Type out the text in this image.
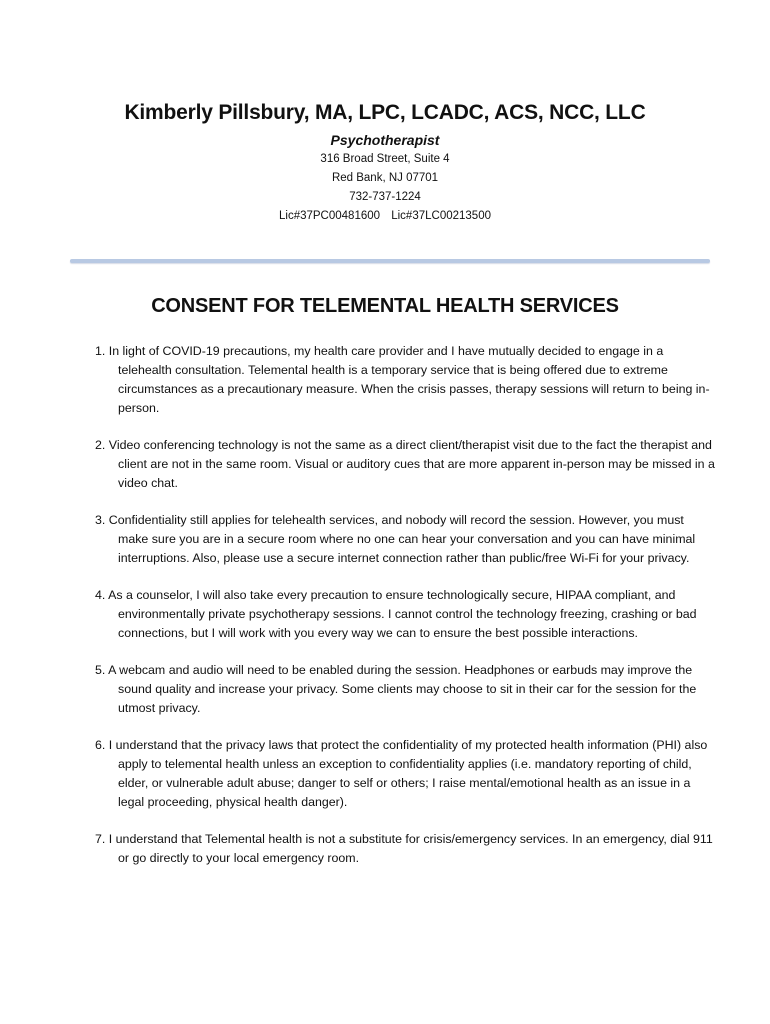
Kimberly Pillsbury, MA, LPC, LCADC, ACS, NCC, LLC
Psychotherapist
316 Broad Street, Suite 4
Red Bank, NJ 07701
732-737-1224
Lic#37PC00481600 Lic#37LC00213500
CONSENT FOR TELEMENTAL HEALTH SERVICES
1. In light of COVID-19 precautions, my health care provider and I have mutually decided to engage in a telehealth consultation. Telemental health is a temporary service that is being offered due to extreme circumstances as a precautionary measure. When the crisis passes, therapy sessions will return to being in-person.
2. Video conferencing technology is not the same as a direct client/therapist visit due to the fact the therapist and client are not in the same room. Visual or auditory cues that are more apparent in-person may be missed in a video chat.
3. Confidentiality still applies for telehealth services, and nobody will record the session. However, you must make sure you are in a secure room where no one can hear your conversation and you can have minimal interruptions. Also, please use a secure internet connection rather than public/free Wi-Fi for your privacy.
4. As a counselor, I will also take every precaution to ensure technologically secure, HIPAA compliant, and environmentally private psychotherapy sessions. I cannot control the technology freezing, crashing or bad connections, but I will work with you every way we can to ensure the best possible interactions.
5. A webcam and audio will need to be enabled during the session. Headphones or earbuds may improve the sound quality and increase your privacy. Some clients may choose to sit in their car for the session for the utmost privacy.
6. I understand that the privacy laws that protect the confidentiality of my protected health information (PHI) also apply to telemental health unless an exception to confidentiality applies (i.e. mandatory reporting of child, elder, or vulnerable adult abuse; danger to self or others; I raise mental/emotional health as an issue in a legal proceeding, physical health danger).
7. I understand that Telemental health is not a substitute for crisis/emergency services. In an emergency, dial 911 or go directly to your local emergency room.
